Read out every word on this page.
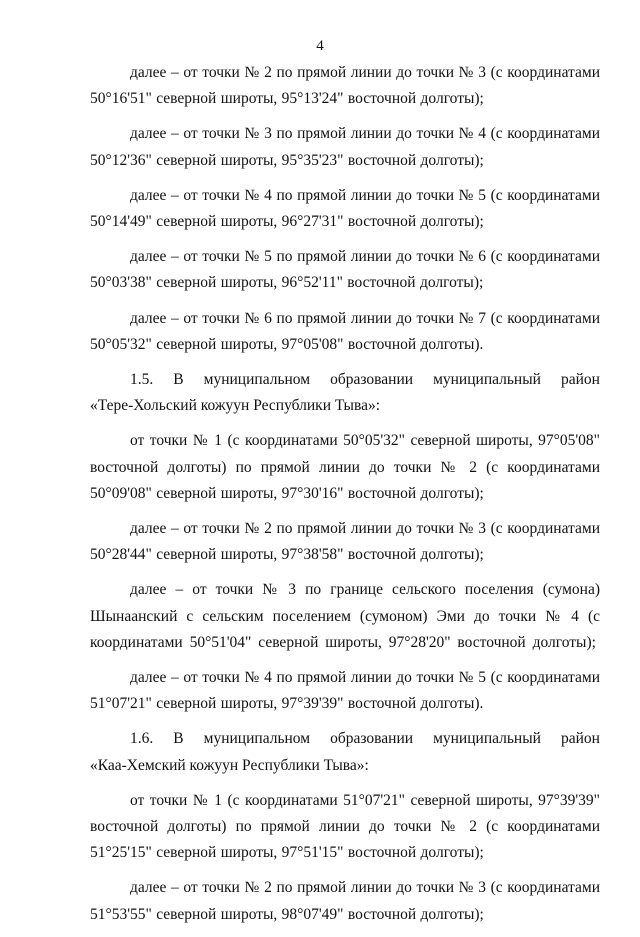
4

далее – от точки № 2 по прямой линии до точки № 3 (с координатами 50°16'51" северной широты, 95°13'24" восточной долготы);

далее – от точки № 3 по прямой линии до точки № 4 (с координатами 50°12'36" северной широты, 95°35'23" восточной долготы);

далее – от точки № 4 по прямой линии до точки № 5 (с координатами 50°14'49" северной широты, 96°27'31" восточной долготы);

далее – от точки № 5 по прямой линии до точки № 6 (с координатами 50°03'38" северной широты, 96°52'11" восточной долготы);

далее – от точки № 6 по прямой линии до точки № 7 (с координатами 50°05'32" северной широты, 97°05'08" восточной долготы).

1.5. В муниципальном образовании муниципальный район
«Тере-Хольский кожуун Республики Тыва»:

от точки № 1 (с координатами 50°05'32" северной широты, 97°05'08" восточной долготы) по прямой линии до точки № 2 (с координатами 50°09'08" северной широты, 97°30'16" восточной долготы);

далее – от точки № 2 по прямой линии до точки № 3 (с координатами 50°28'44" северной широты, 97°38'58" восточной долготы);

далее – от точки № 3 по границе сельского поселения (сумона) Шынаанский с сельским поселением (сумоном) Эми до точки № 4 (с координатами 50°51'04" северной широты, 97°28'20" восточной долготы);

далее – от точки № 4 по прямой линии до точки № 5 (с координатами 51°07'21" северной широты, 97°39'39" восточной долготы).

1.6. В муниципальном образовании муниципальный район
«Каа-Хемский кожуун Республики Тыва»:

от точки № 1 (с координатами 51°07'21" северной широты, 97°39'39" восточной долготы) по прямой линии до точки № 2 (с координатами 51°25'15" северной широты, 97°51'15" восточной долготы);

далее – от точки № 2 по прямой линии до точки № 3 (с координатами 51°53'55" северной широты, 98°07'49" восточной долготы);
